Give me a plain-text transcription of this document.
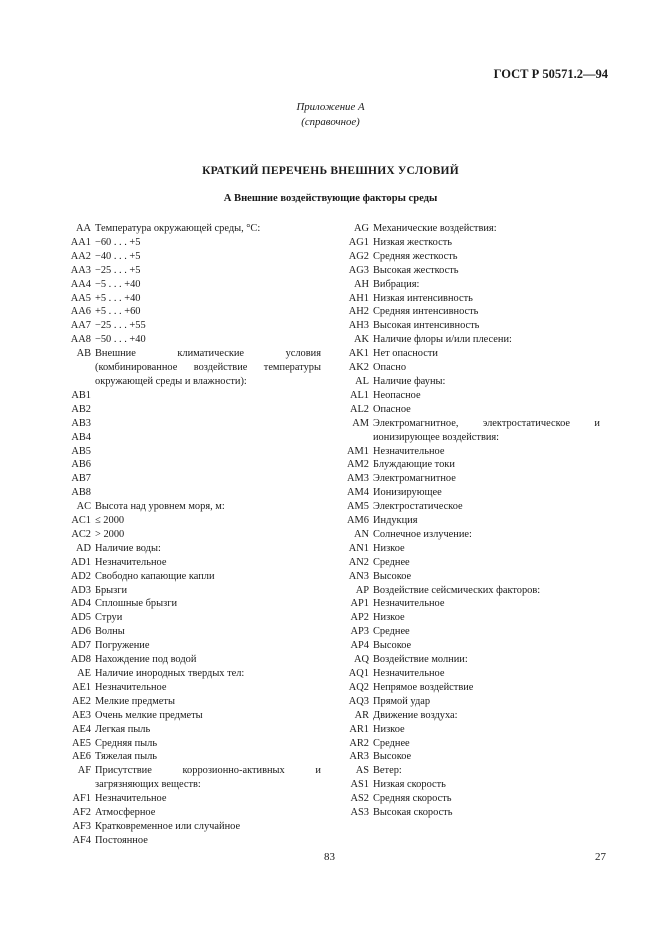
ГОСТ Р 50571.2—94
Приложение А
(справочное)
КРАТКИЙ ПЕРЕЧЕНЬ ВНЕШНИХ УСЛОВИЙ
А Внешние воздействующие факторы среды
AA Температура окружающей среды, °С:
AA1 −60 . . . +5
AA2 −40 . . . +5
AA3 −25 . . . +5
AA4 −5 . . . +40
AA5 +5 . . . +40
AA6 +5 . . . +60
AA7 −25 . . . +55
AA8 −50 . . . +40
AB Внешние климатические условия (комбинированное воздействие температуры окружающей среды и влажности):
AB1
AB2
AB3
AB4
AB5
AB6
AB7
AB8
AC Высота над уровнем моря, м:
AC1 ≤ 2000
AC2 > 2000
AD Наличие воды:
AD1 Незначительное
AD2 Свободно капающие капли
AD3 Брызги
AD4 Сплошные брызги
AD5 Струи
AD6 Волны
AD7 Погружение
AD8 Нахождение под водой
AE Наличие инородных твердых тел:
AE1 Незначительное
AE2 Мелкие предметы
AE3 Очень мелкие предметы
AE4 Легкая пыль
AE5 Средняя пыль
AE6 Тяжелая пыль
AF Присутствие коррозионно-активных и загрязняющих веществ:
AF1 Незначительное
AF2 Атмосферное
AF3 Кратковременное или случайное
AF4 Постоянное
AG Механические воздействия:
AG1 Низкая жесткость
AG2 Средняя жесткость
AG3 Высокая жесткость
AH Вибрация:
AH1 Низкая интенсивность
AH2 Средняя интенсивность
AH3 Высокая интенсивность
AK Наличие флоры и/или плесени:
AK1 Нет опасности
AK2 Опасно
AL Наличие фауны:
AL1 Неопасное
AL2 Опасное
AM Электромагнитное, электростатическое и ионизирующее воздействия:
AM1 Незначительное
AM2 Блуждающие токи
AM3 Электромагнитное
AM4 Ионизирующее
AM5 Электростатическое
AM6 Индукция
AN Солнечное излучение:
AN1 Низкое
AN2 Среднее
AN3 Высокое
AP Воздействие сейсмических факторов:
AP1 Незначительное
AP2 Низкое
AP3 Среднее
AP4 Высокое
AQ Воздействие молнии:
AQ1 Незначительное
AQ2 Непрямое воздействие
AQ3 Прямой удар
AR Движение воздуха:
AR1 Низкое
AR2 Среднее
AR3 Высокое
AS Ветер:
AS1 Низкая скорость
AS2 Средняя скорость
AS3 Высокая скорость
83	27
